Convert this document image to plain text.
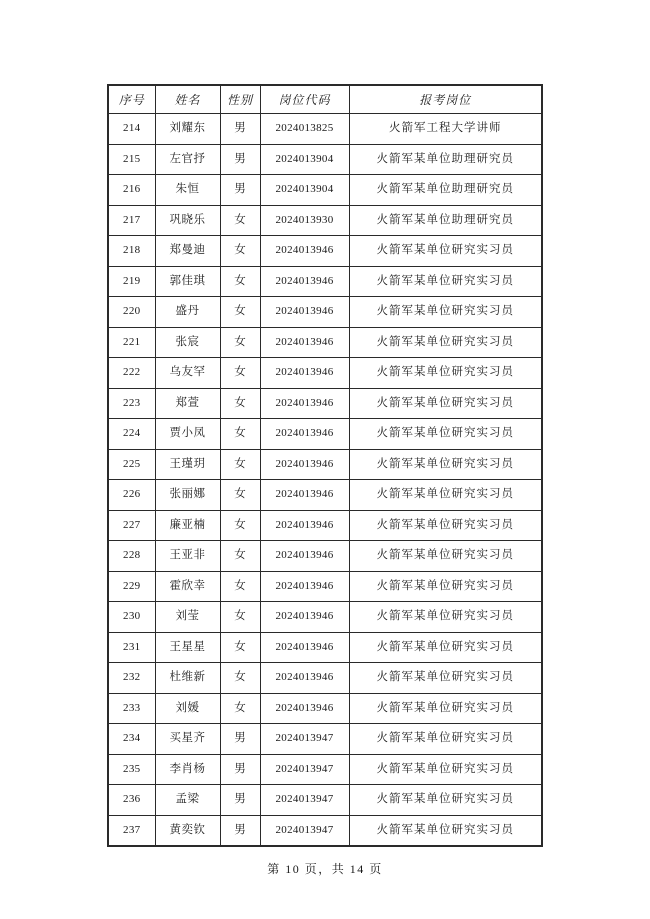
序号	姓名	性别	岗位代码	报考岗位
214	刘耀东	男	2024013825	火箭军工程大学讲师
215	左官抒	男	2024013904	火箭军某单位助理研究员
216	朱恒	男	2024013904	火箭军某单位助理研究员
217	巩晓乐	女	2024013930	火箭军某单位助理研究员
218	郑曼迪	女	2024013946	火箭军某单位研究实习员
219	郭佳琪	女	2024013946	火箭军某单位研究实习员
220	盛丹	女	2024013946	火箭军某单位研究实习员
221	张宸	女	2024013946	火箭军某单位研究实习员
222	乌友罕	女	2024013946	火箭军某单位研究实习员
223	郑萱	女	2024013946	火箭军某单位研究实习员
224	贾小凤	女	2024013946	火箭军某单位研究实习员
225	王瑾玥	女	2024013946	火箭军某单位研究实习员
226	张丽娜	女	2024013946	火箭军某单位研究实习员
227	廉亚楠	女	2024013946	火箭军某单位研究实习员
228	王亚非	女	2024013946	火箭军某单位研究实习员
229	霍欣幸	女	2024013946	火箭军某单位研究实习员
230	刘莹	女	2024013946	火箭军某单位研究实习员
231	王星星	女	2024013946	火箭军某单位研究实习员
232	杜维新	女	2024013946	火箭军某单位研究实习员
233	刘媛	女	2024013946	火箭军某单位研究实习员
234	买星齐	男	2024013947	火箭军某单位研究实习员
235	李肖杨	男	2024013947	火箭军某单位研究实习员
236	孟梁	男	2024013947	火箭军某单位研究实习员
237	黄奕钦	男	2024013947	火箭军某单位研究实习员
第 10 页，共 14 页
